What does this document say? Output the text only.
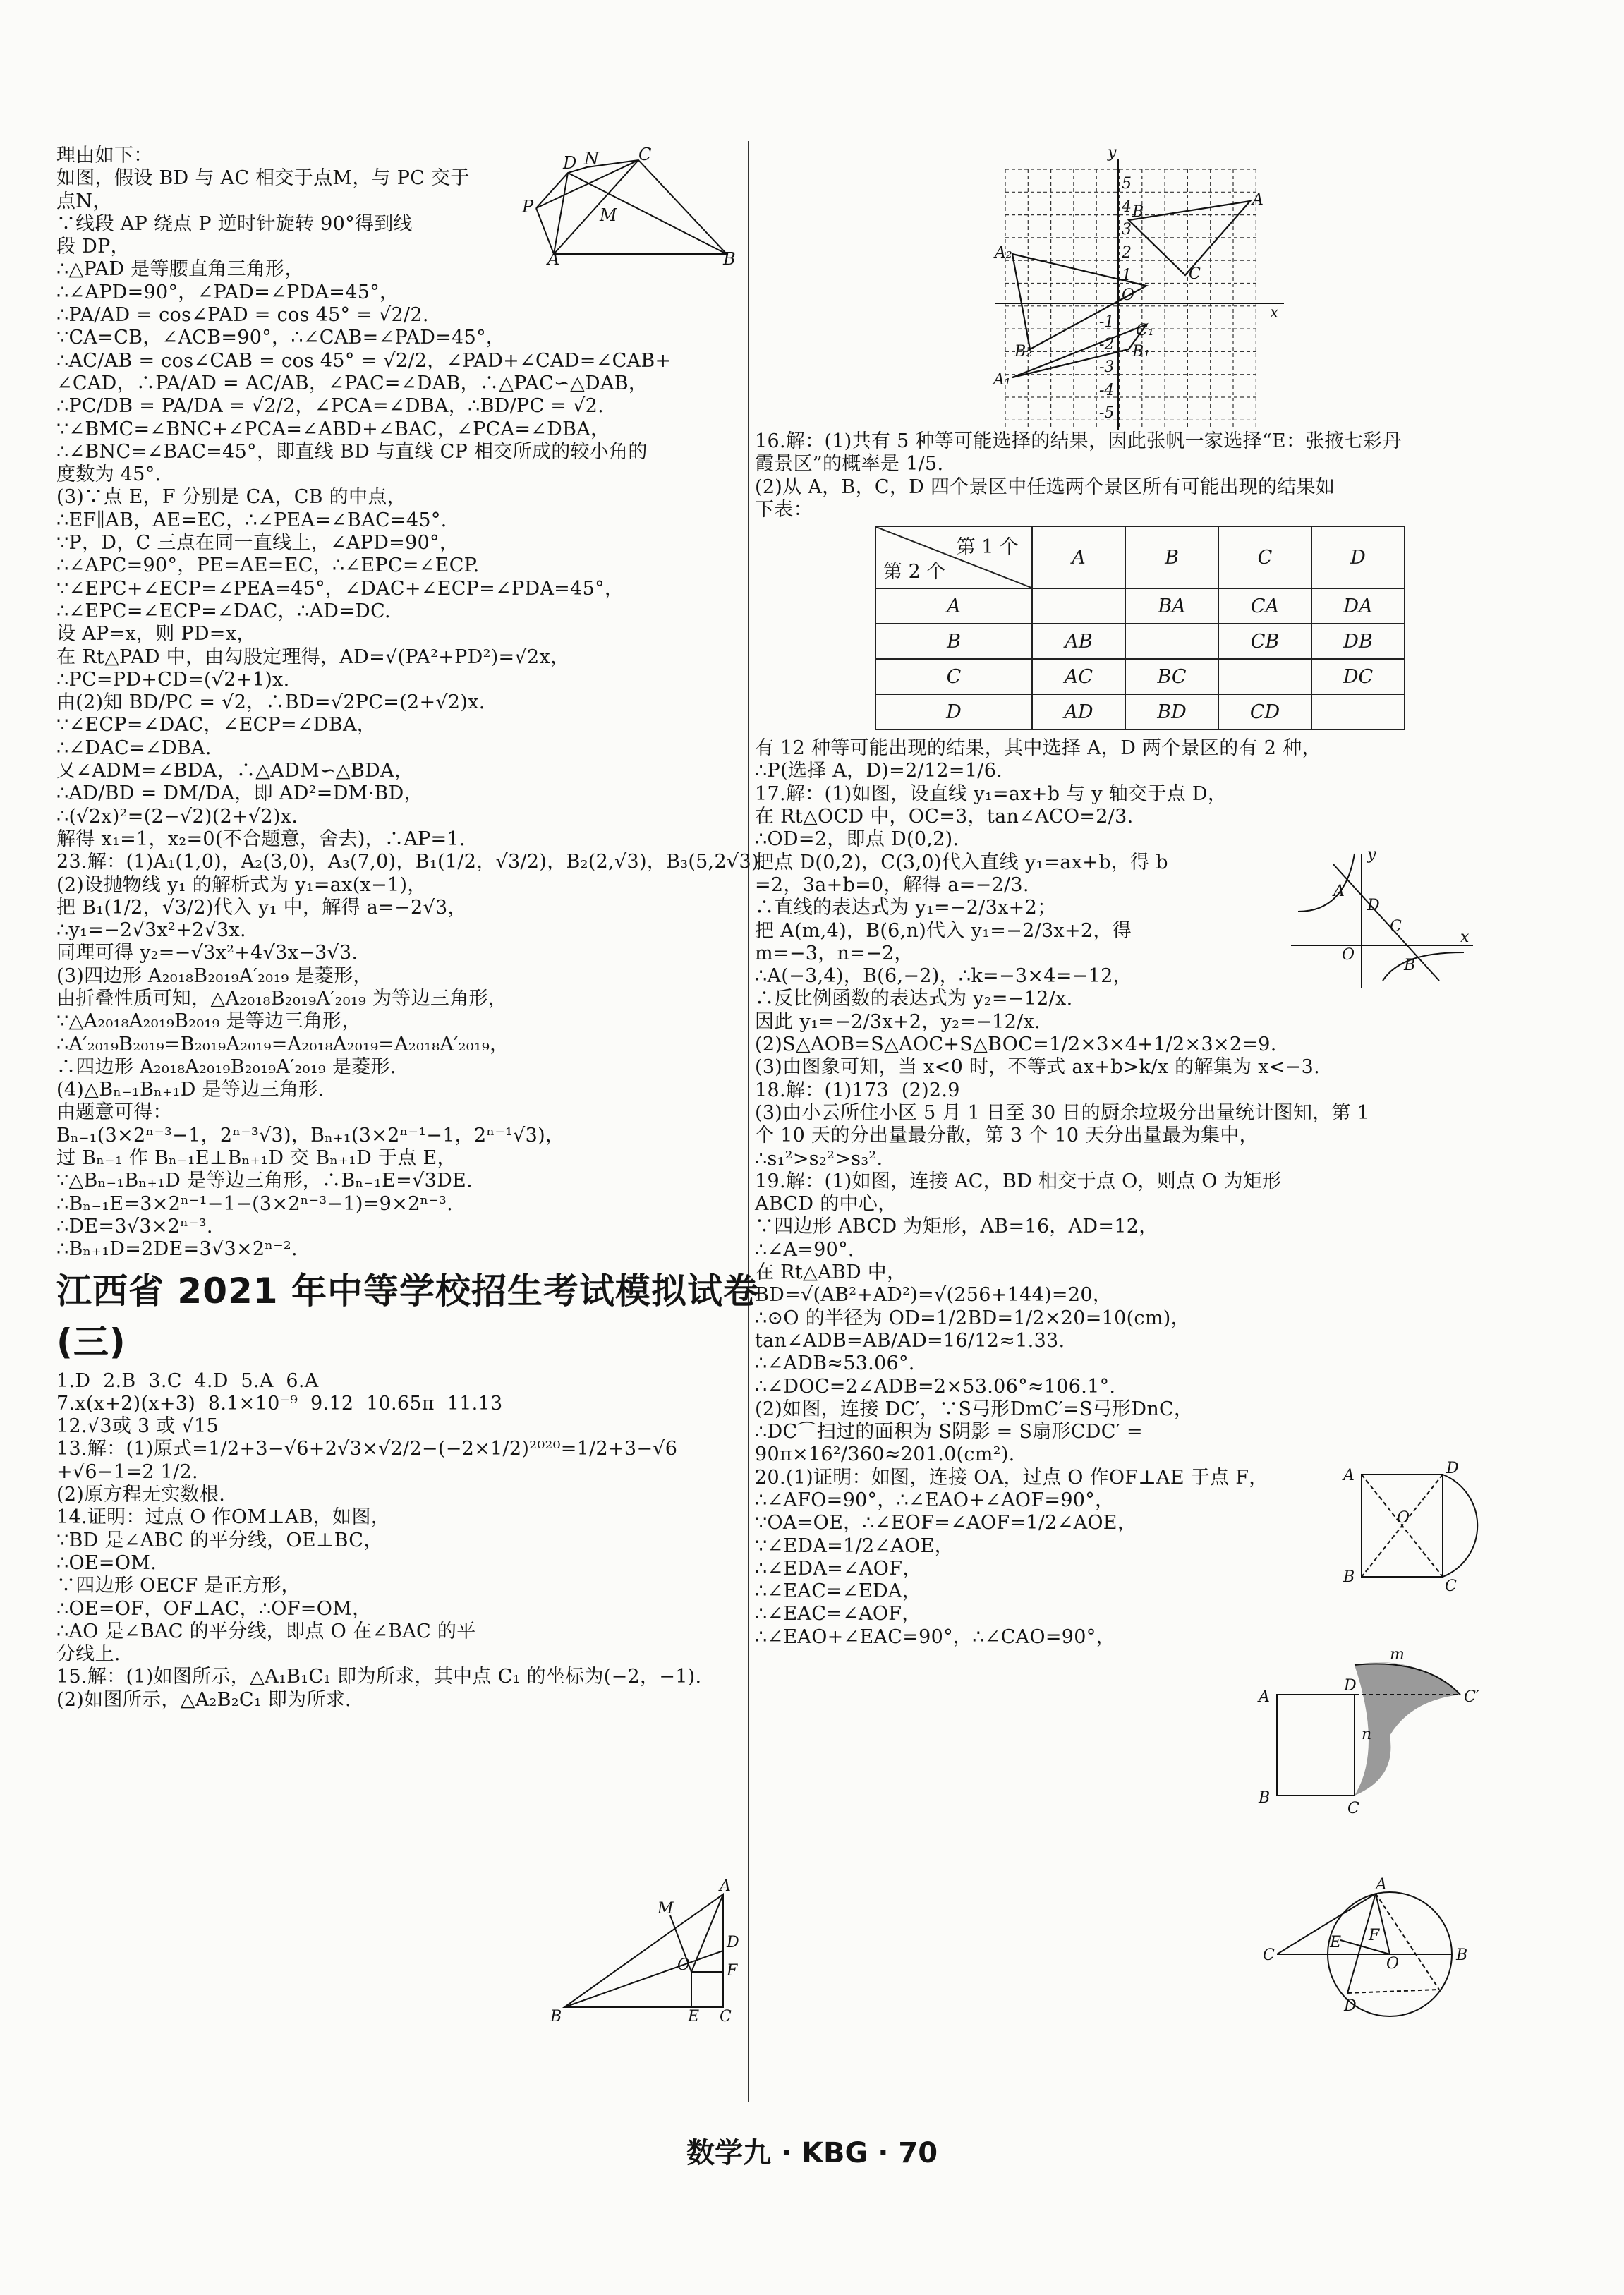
理由如下：
如图，假设 BD 与 AC 相交于点M，与 PC 交于
点N，
∵线段 AP 绕点 P 逆时针旋转 90°得到线
段 DP，
∴△PAD 是等腰直角三角形，
∴∠APD=90°，∠PAD=∠PDA=45°，
∴PA/AD = cos∠PAD = cos 45° = √2/2.
∵CA=CB，∠ACB=90°，∴∠CAB=∠PAD=45°，
∴AC/AB = cos∠CAB = cos 45° = √2/2，∠PAD+∠CAD=∠CAB+
∠CAD，∴PA/AD = AC/AB，∠PAC=∠DAB，∴△PAC∽△DAB，
∴PC/DB = PA/DA = √2/2，∠PCA=∠DBA，∴BD/PC = √2.
∵∠BMC=∠BNC+∠PCA=∠ABD+∠BAC，∠PCA=∠DBA，
∴∠BNC=∠BAC=45°，即直线 BD 与直线 CP 相交所成的较小角的
度数为 45°.
(3)∵点 E，F 分别是 CA，CB 的中点，
∴EF∥AB，AE=EC，∴∠PEA=∠BAC=45°.
∵P，D，C 三点在同一直线上，∠APD=90°，
∴∠APC=90°，PE=AE=EC，∴∠EPC=∠ECP.
∵∠EPC+∠ECP=∠PEA=45°，∠DAC+∠ECP=∠PDA=45°，
∴∠EPC=∠ECP=∠DAC，∴AD=DC.
设 AP=x，则 PD=x，
在 Rt△PAD 中，由勾股定理得，AD=√(PA²+PD²)=√2x，
∴PC=PD+CD=(√2+1)x.
由(2)知 BD/PC = √2，∴BD=√2PC=(2+√2)x.
∵∠ECP=∠DAC，∠ECP=∠DBA，
∴∠DAC=∠DBA.
又∠ADM=∠BDA，∴△ADM∽△BDA，
∴AD/BD = DM/DA，即 AD²=DM·BD，
∴(√2x)²=(2−√2)(2+√2)x.
解得 x₁=1，x₂=0(不合题意，舍去)，∴AP=1.
23.解：(1)A₁(1,0)，A₂(3,0)，A₃(7,0)，B₁(1/2，√3/2)，B₂(2,√3)，B₃(5,2√3).
(2)设抛物线 y₁ 的解析式为 y₁=ax(x−1)，
把 B₁(1/2，√3/2)代入 y₁ 中，解得 a=−2√3，
∴y₁=−2√3x²+2√3x.
同理可得 y₂=−√3x²+4√3x−3√3.
(3)四边形 A₂₀₁₈B₂₀₁₉A′₂₀₁₉ 是菱形，
由折叠性质可知，△A₂₀₁₈B₂₀₁₉A′₂₀₁₉ 为等边三角形，
∵△A₂₀₁₈A₂₀₁₉B₂₀₁₉ 是等边三角形，
∴A′₂₀₁₉B₂₀₁₉=B₂₀₁₉A₂₀₁₉=A₂₀₁₈A₂₀₁₉=A₂₀₁₈A′₂₀₁₉，
∴四边形 A₂₀₁₈A₂₀₁₉B₂₀₁₉A′₂₀₁₉ 是菱形.
(4)△Bₙ₋₁Bₙ₊₁D 是等边三角形.
由题意可得：
Bₙ₋₁(3×2ⁿ⁻³−1，2ⁿ⁻³√3)，Bₙ₊₁(3×2ⁿ⁻¹−1，2ⁿ⁻¹√3)，
过 Bₙ₋₁ 作 Bₙ₋₁E⊥Bₙ₊₁D 交 Bₙ₊₁D 于点 E，
∵△Bₙ₋₁Bₙ₊₁D 是等边三角形，∴Bₙ₋₁E=√3DE.
∴Bₙ₋₁E=3×2ⁿ⁻¹−1−(3×2ⁿ⁻³−1)=9×2ⁿ⁻³.
∴DE=3√3×2ⁿ⁻³.
∴Bₙ₊₁D=2DE=3√3×2ⁿ⁻².
江西省 2021 年中等学校招生考试模拟试卷(三)
1.D  2.B  3.C  4.D  5.A  6.A
7.x(x+2)(x+3)  8.1×10⁻⁹  9.12  10.65π  11.13
12.√3或 3 或 √15
13.解：(1)原式=1/2+3−√6+2√3×√2/2−(−2×1/2)²⁰²⁰=1/2+3−√6
+√6−1=2 1/2.
(2)原方程无实数根.
14.证明：过点 O 作OM⊥AB，如图，
∵BD 是∠ABC 的平分线，OE⊥BC，
∴OE=OM.
∵四边形 OECF 是正方形，
∴OE=OF，OF⊥AC，∴OF=OM，
∴AO 是∠BAC 的平分线，即点 O 在∠BAC 的平
分线上.
15.解：(1)如图所示，△A₁B₁C₁ 即为所求，其中点 C₁ 的坐标为(−2，−1).
(2)如图所示，△A₂B₂C₁ 即为所求.
16.解：(1)共有 5 种等可能选择的结果，因此张帆一家选择“E：张掖七彩丹
霞景区”的概率是 1/5.
(2)从 A，B，C，D 四个景区中任选两个景区所有可能出现的结果如
下表：
第 1 个
第 2 个	A	B	C	D
A		BA	CA	DA
B	AB		CB	DB
C	AC	BC		DC
D	AD	BD	CD	
有 12 种等可能出现的结果，其中选择 A，D 两个景区的有 2 种，
∴P(选择 A，D)=2/12=1/6.
17.解：(1)如图，设直线 y₁=ax+b 与 y 轴交于点 D，
在 Rt△OCD 中，OC=3，tan∠ACO=2/3.
∴OD=2，即点 D(0,2).
把点 D(0,2)，C(3,0)代入直线 y₁=ax+b，得 b
=2，3a+b=0，解得 a=−2/3.
∴直线的表达式为 y₁=−2/3x+2；
把 A(m,4)，B(6,n)代入 y₁=−2/3x+2，得
m=−3，n=−2，
∴A(−3,4)，B(6,−2)，∴k=−3×4=−12，
∴反比例函数的表达式为 y₂=−12/x.
因此 y₁=−2/3x+2，y₂=−12/x.
(2)S△AOB=S△AOC+S△BOC=1/2×3×4+1/2×3×2=9.
(3)由图象可知，当 x<0 时，不等式 ax+b>k/x 的解集为 x<−3.
18.解：(1)173  (2)2.9
(3)由小云所住小区 5 月 1 日至 30 日的厨余垃圾分出量统计图知，第 1
个 10 天的分出量最分散，第 3 个 10 天分出量最为集中，
∴s₁²>s₂²>s₃².
19.解：(1)如图，连接 AC，BD 相交于点 O，则点 O 为矩形
ABCD 的中心，
∵四边形 ABCD 为矩形，AB=16，AD=12，
∴∠A=90°.
在 Rt△ABD 中，
BD=√(AB²+AD²)=√(256+144)=20，
∴⊙O 的半径为 OD=1/2BD=1/2×20=10(cm)，
tan∠ADB=AB/AD=16/12≈1.33.
∴∠ADB≈53.06°.
∴∠DOC=2∠ADB=2×53.06°≈106.1°.
(2)如图，连接 DC′，∵S弓形DmC′=S弓形DnC，
∴DC⌒扫过的面积为 S阴影 = S扇形CDC′ =
90π×16²/360≈201.0(cm²).
20.(1)证明：如图，连接 OA，过点 O 作OF⊥AE 于点 F，
∴∠AFO=90°，∴∠EAO+∠AOF=90°，
∵OA=OE，∴∠EOF=∠AOF=1/2∠AOE，
∵∠EDA=1/2∠AOE，
∴∠EDA=∠AOF，
∴∠EAC=∠EDA，
∴∠EAC=∠AOF，
∴∠EAO+∠EAC=90°，∴∠CAO=90°，
D N C
P	M
A	B
y
A
B
C
O
x
A₂
B₂
A₁
B₁
C₁
5
4
3
2
1
-1
-2
-3
-4
-5
y
A
D
C
O
B
x
A	D
O
B
C
A
D
m
n
C′
B
C
M
A
O
D
F
B	E C
A
C
E F
O	B
D
数学九 · KBG · 70
